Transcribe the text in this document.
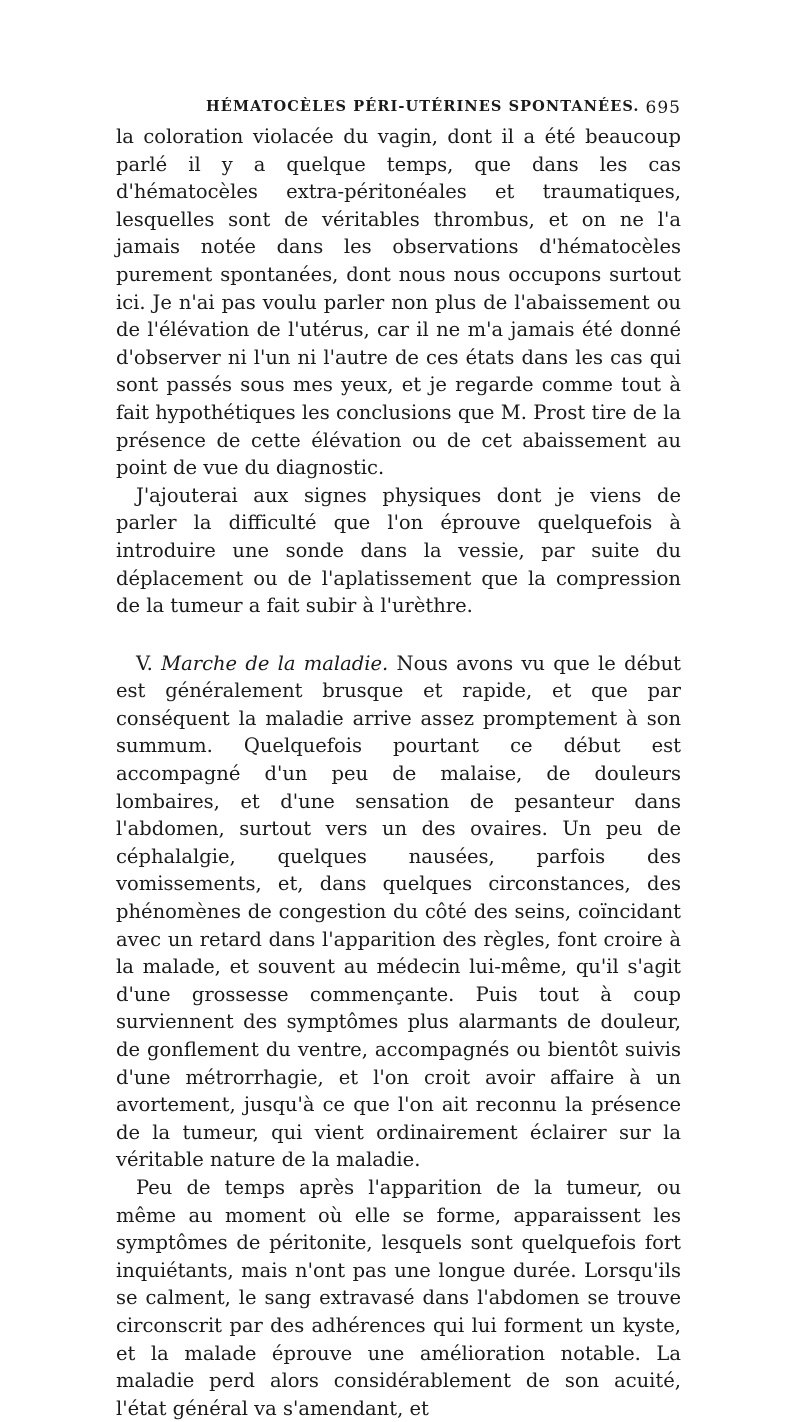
HÉMATOCÈLES PÉRI-UTÉRINES SPONTANÉES. 695

la coloration violacée du vagin, dont il a été beaucoup parlé il y a quelque temps, que dans les cas d'hématocèles extra-péritonéales et traumatiques, lesquelles sont de véritables thrombus, et on ne l'a jamais notée dans les observations d'hématocèles purement spontanées, dont nous nous occupons surtout ici. Je n'ai pas voulu parler non plus de l'abaissement ou de l'élévation de l'utérus, car il ne m'a jamais été donné d'observer ni l'un ni l'autre de ces états dans les cas qui sont passés sous mes yeux, et je regarde comme tout à fait hypothétiques les conclusions que M. Prost tire de la présence de cette élévation ou de cet abaissement au point de vue du diagnostic.

J'ajouterai aux signes physiques dont je viens de parler la difficulté que l'on éprouve quelquefois à introduire une sonde dans la vessie, par suite du déplacement ou de l'aplatissement que la compression de la tumeur a fait subir à l'urèthre.

V. Marche de la maladie. Nous avons vu que le début est généralement brusque et rapide, et que par conséquent la maladie arrive assez promptement à son summum. Quelquefois pourtant ce début est accompagné d'un peu de malaise, de douleurs lombaires, et d'une sensation de pesanteur dans l'abdomen, surtout vers un des ovaires. Un peu de céphalalgie, quelques nausées, parfois des vomissements, et, dans quelques circonstances, des phénomènes de congestion du côté des seins, coïncidant avec un retard dans l'apparition des règles, font croire à la malade, et souvent au médecin lui-même, qu'il s'agit d'une grossesse commençante. Puis tout à coup surviennent des symptômes plus alarmants de douleur, de gonflement du ventre, accompagnés ou bientôt suivis d'une métrorrhagie, et l'on croit avoir affaire à un avortement, jusqu'à ce que l'on ait reconnu la présence de la tumeur, qui vient ordinairement éclairer sur la véritable nature de la maladie.

Peu de temps après l'apparition de la tumeur, ou même au moment où elle se forme, apparaissent les symptômes de péritonite, lesquels sont quelquefois fort inquiétants, mais n'ont pas une longue durée. Lorsqu'ils se calment, le sang extravasé dans l'abdomen se trouve circonscrit par des adhérences qui lui forment un kyste, et la malade éprouve une amélioration notable. La maladie perd alors considérablement de son acuité, l'état général va s'amendant, et
